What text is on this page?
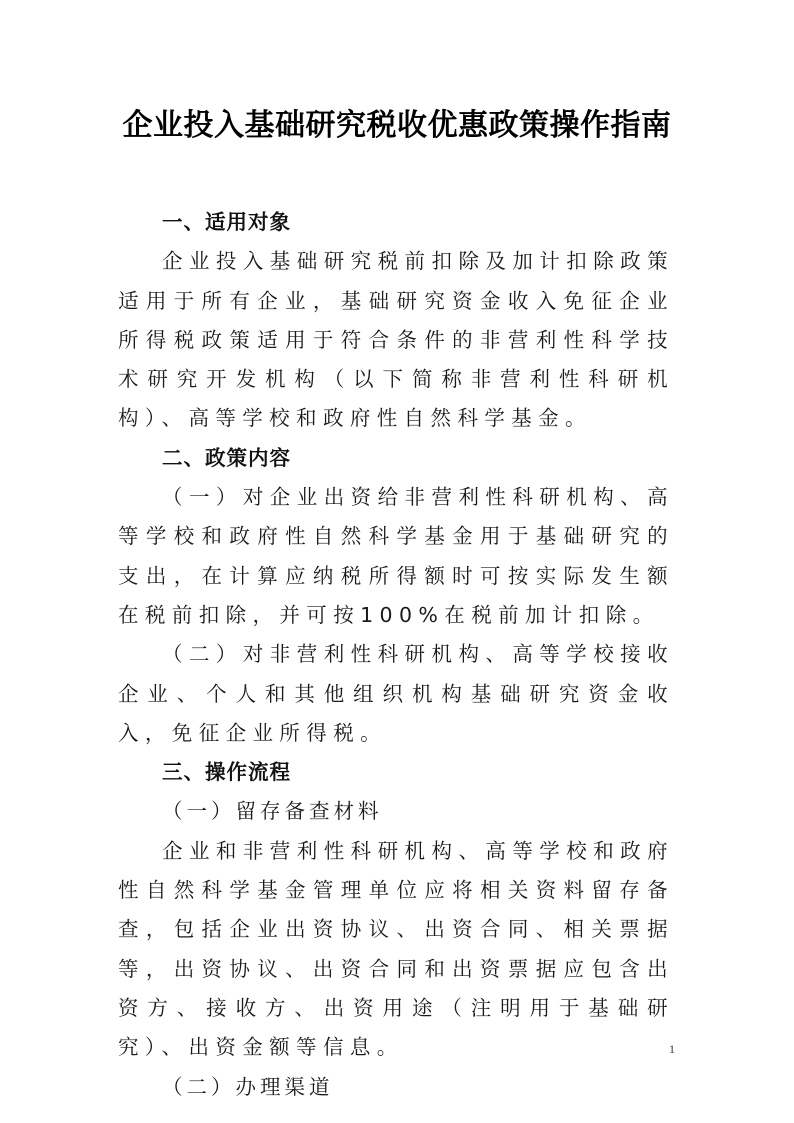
企业投入基础研究税收优惠政策操作指南
一、适用对象

企业投入基础研究税前扣除及加计扣除政策适用于所有企业，基础研究资金收入免征企业所得税政策适用于符合条件的非营利性科学技术研究开发机构（以下简称非营利性科研机构）、高等学校和政府性自然科学基金。

二、政策内容

（一）对企业出资给非营利性科研机构、高等学校和政府性自然科学基金用于基础研究的支出，在计算应纳税所得额时可按实际发生额在税前扣除，并可按100%在税前加计扣除。

（二）对非营利性科研机构、高等学校接收企业、个人和其他组织机构基础研究资金收入，免征企业所得税。

三、操作流程
（一）留存备查材料

企业和非营利性科研机构、高等学校和政府性自然科学基金管理单位应将相关资料留存备查，包括企业出资协议、出资合同、相关票据等，出资协议、出资合同和出资票据应包含出资方、接收方、出资用途（注明用于基础研究）、出资金额等信息。

（二）办理渠道
1
